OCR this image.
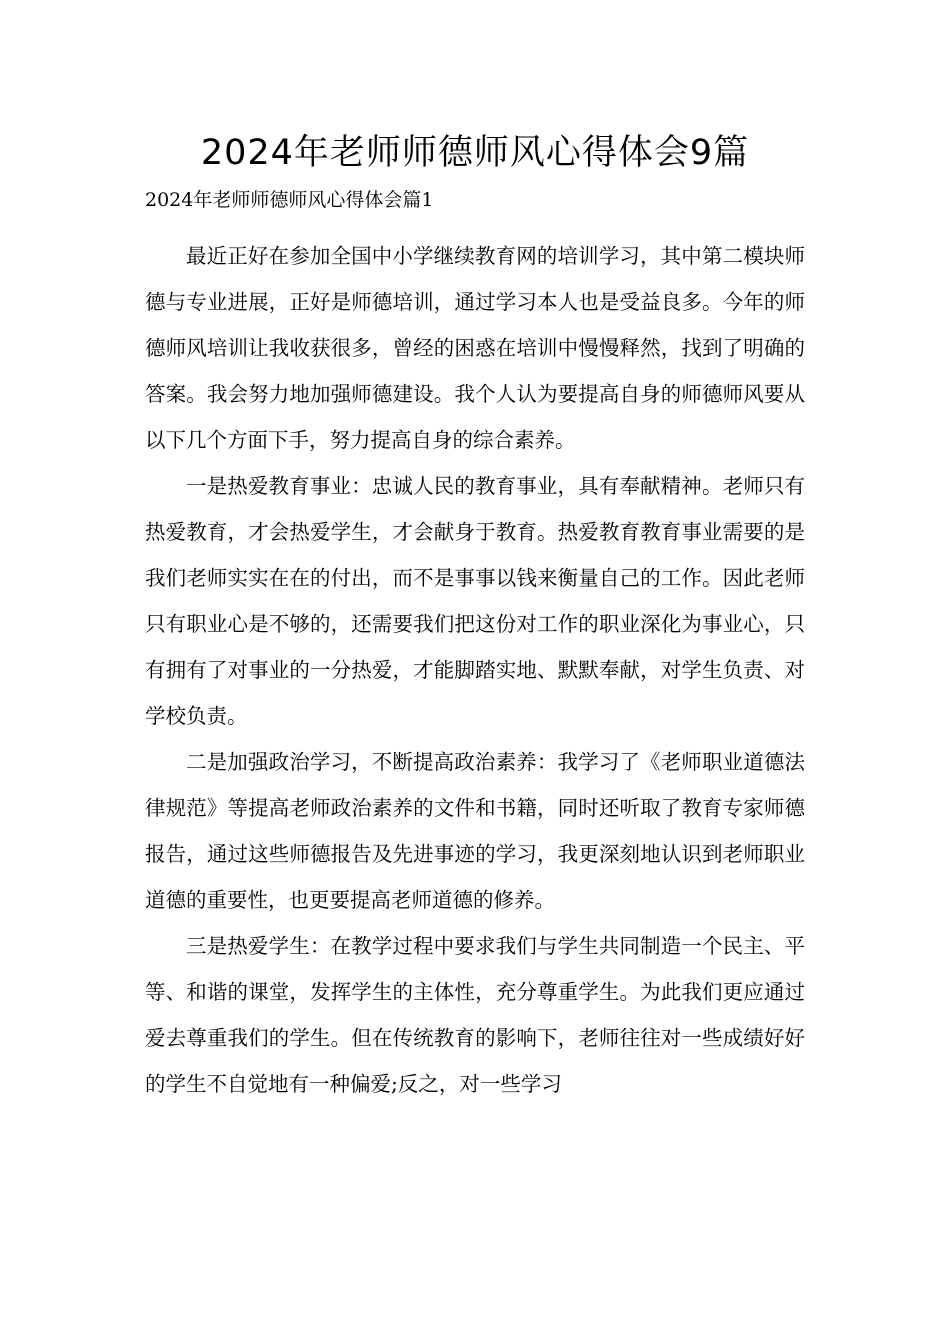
2024年老师师德师风心得体会9篇
2024年老师师德师风心得体会篇1

最近正好在参加全国中小学继续教育网的培训学习，其中第二模块师德与专业进展，正好是师德培训，通过学习本人也是受益良多。今年的师德师风培训让我收获很多，曾经的困惑在培训中慢慢释然，找到了明确的答案。我会努力地加强师德建设。我个人认为要提高自身的师德师风要从以下几个方面下手，努力提高自身的综合素养。

一是热爱教育事业：忠诚人民的教育事业，具有奉献精神。老师只有热爱教育，才会热爱学生，才会献身于教育。热爱教育教育事业需要的是我们老师实实在在的付出，而不是事事以钱来衡量自己的工作。因此老师只有职业心是不够的，还需要我们把这份对工作的职业深化为事业心，只有拥有了对事业的一分热爱，才能脚踏实地、默默奉献，对学生负责、对学校负责。

二是加强政治学习，不断提高政治素养：我学习了《老师职业道德法律规范》等提高老师政治素养的文件和书籍，同时还听取了教育专家师德报告，通过这些师德报告及先进事迹的学习，我更深刻地认识到老师职业道德的重要性，也更要提高老师道德的修养。

三是热爱学生：在教学过程中要求我们与学生共同制造一个民主、平等、和谐的课堂，发挥学生的主体性，充分尊重学生。为此我们更应通过爱去尊重我们的学生。但在传统教育的影响下，老师往往对一些成绩好好的学生不自觉地有一种偏爱;反之，对一些学习
